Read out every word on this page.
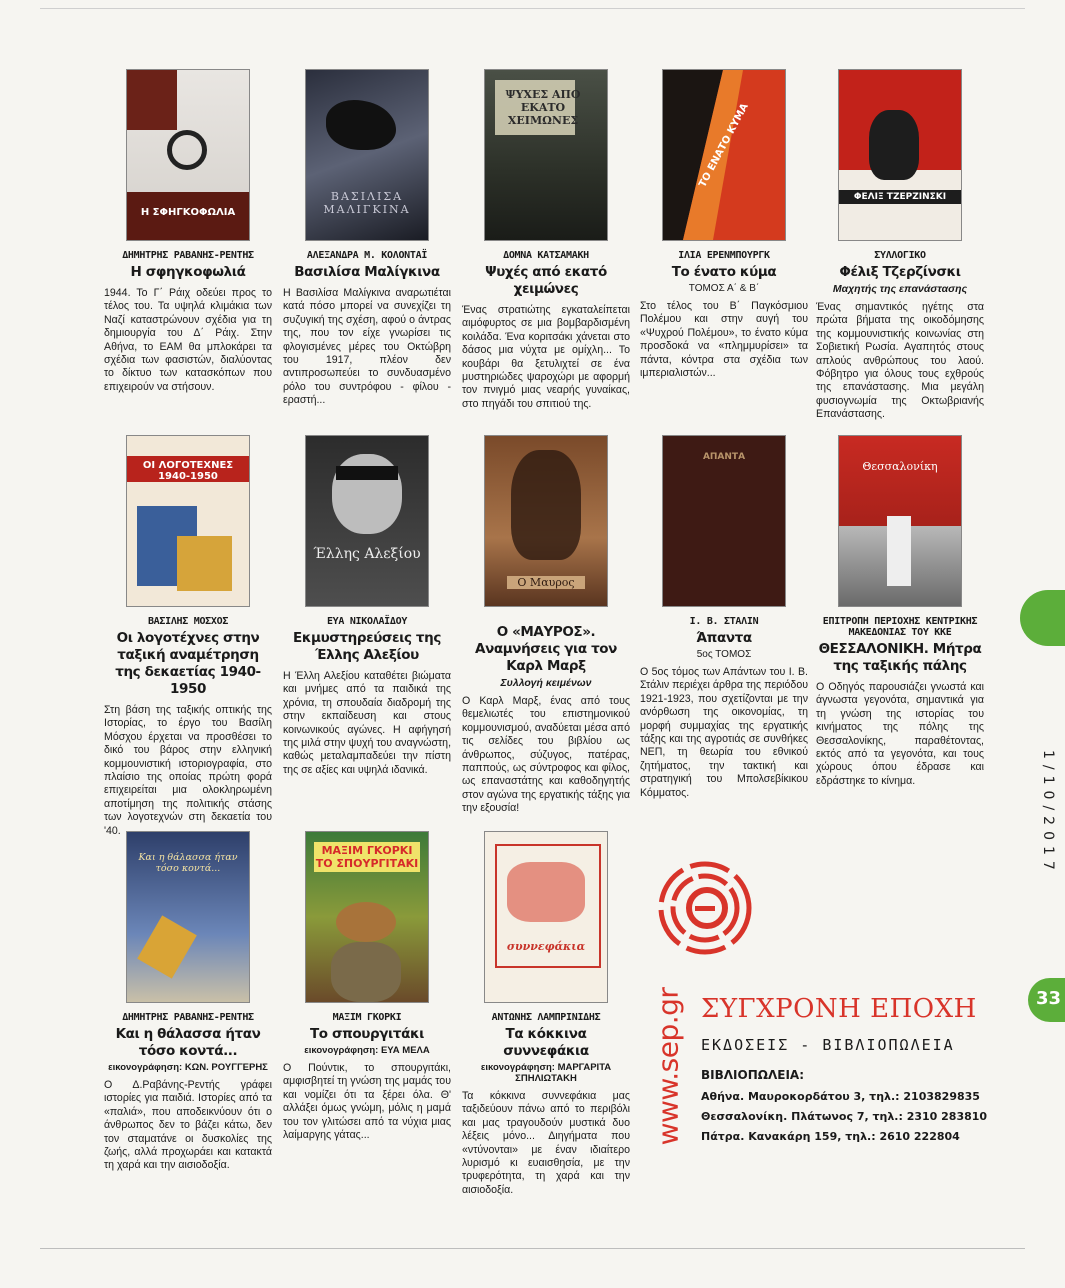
Η ΣΦΗΓΚΟΦΩΛΙΑ
ΔΗΜΗΤΡΗΣ ΡΑΒΑΝΗΣ-ΡΕΝΤΗΣ
Η σφηγκοφωλιά
1944. Το Γ΄ Ράιχ οδεύει προς το τέλος του. Τα υψηλά κλιμάκια των Ναζί καταστρώνουν σχέδια για τη δημιουργία του Δ΄ Ράιχ. Στην Αθήνα, το ΕΑΜ θα μπλοκάρει τα σχέδια των φασιστών, διαλύοντας το δίκτυο των κατασκόπων που επιχειρούν να στήσουν.
ΒΑΣΙΛΙΣΑ ΜΑΛΙΓΚΙΝΑ
ΑΛΕΞΑΝΔΡΑ Μ. ΚΟΛΟΝΤΑΪ
Βασιλίσα Μαλίγκινα
Η Βασιλίσα Μαλίγκινα αναρωτιέται κατά πόσο μπορεί να συνεχίζει τη συζυγική της σχέση, αφού ο άντρας της, που τον είχε γνωρίσει τις φλογισμένες μέρες του Οκτώβρη του 1917, πλέον δεν αντιπροσωπεύει το συνδυασμένο ρόλο του συντρόφου - φίλου - εραστή...
ΨΥΧΕΣ ΑΠΟ ΕΚΑΤΟ ΧΕΙΜΩΝΕΣ
ΔΟΜΝΑ ΚΑΤΣΑΜΑΚΗ
Ψυχές από εκατό χειμώνες
Ένας στρατιώτης εγκαταλείπεται αιμόφυρτος σε μια βομβαρδισμένη κοιλάδα. Ένα κοριτσάκι χάνεται στο δάσος μια νύχτα με ομίχλη... Το κουβάρι θα ξετυλιχτεί σε ένα μυστηριώδες ψαροχώρι με αφορμή τον πνιγμό μιας νεαρής γυναίκας, στο πηγάδι του σπιτιού της.
ΤΟ ΕΝΑΤΟ ΚΥΜΑ
ΙΛΙΑ ΕΡΕΝΜΠΟΥΡΓΚ
Το ένατο κύμα
ΤΟΜΟΣ Α΄ & Β΄
Στο τέλος του Β΄ Παγκόσμιου Πολέμου και στην αυγή του «Ψυχρού Πολέμου», το ένατο κύμα προσδοκά να «πλημμυρίσει» τα πάντα, κόντρα στα σχέδια των ιμπεριαλιστών...
ΦΕΛΙΞ ΤΖΕΡΖΙΝΣΚΙ
ΣΥΛΛΟΓΙΚΟ
Φέλιξ Τζερζίνσκι
Μαχητής της επανάστασης
Ένας σημαντικός ηγέτης στα πρώτα βήματα της οικοδόμησης της κομμουνιστικής κοινωνίας στη Σοβιετική Ρωσία. Αγαπητός στους απλούς ανθρώπους του λαού. Φόβητρο για όλους τους εχθρούς της επανάστασης. Μια μεγάλη φυσιογνωμία της Οκτωβριανής Επανάστασης.
ΟΙ ΛΟΓΟΤΕΧΝΕΣ 1940-1950
ΒΑΣΙΛΗΣ ΜΟΣΧΟΣ
Οι λογοτέχνες στην ταξική αναμέτρηση της δεκαετίας 1940-1950
Στη βάση της ταξικής οπτικής της Ιστορίας, το έργο του Βασίλη Μόσχου έρχεται να προσθέσει το δικό του βάρος στην ελληνική κομμουνιστική ιστοριογραφία, στο πλαίσιο της οποίας πρώτη φορά επιχειρείται μια ολοκληρωμένη αποτίμηση της πολιτικής στάσης των λογοτεχνών στη δεκαετία του '40.
Έλλης Αλεξίου
ΕΥΑ ΝΙΚΟΛΑΪΔΟΥ
Εκμυστηρεύσεις της Έλλης Αλεξίου
Η Έλλη Αλεξίου καταθέτει βιώματα και μνήμες από τα παιδικά της χρόνια, τη σπουδαία διαδρομή της στην εκπαίδευση και στους κοινωνικούς αγώνες. Η αφήγησή της μιλά στην ψυχή του αναγνώστη, καθώς μεταλαμπαδεύει την πίστη της σε αξίες και υψηλά ιδανικά.
Ο Μαυρος
Ο «ΜΑΥΡΟΣ». Αναμνήσεις για τον Καρλ Μαρξ
Συλλογή κειμένων
Ο Καρλ Μαρξ, ένας από τους θεμελιωτές του επιστημονικού κομμουνισμού, αναδύεται μέσα από τις σελίδες του βιβλίου ως άνθρωπος, σύζυγος, πατέρας, παππούς, ως σύντροφος και φίλος, ως επαναστάτης και καθοδηγητής στον αγώνα της εργατικής τάξης για την εξουσία!
ΑΠΑΝΤΑ
Ι. Β. ΣΤΑΛΙΝ
Άπαντα
5ος ΤΟΜΟΣ
Ο 5ος τόμος των Απάντων του Ι. Β. Στάλιν περιέχει άρθρα της περιόδου 1921-1923, που σχετίζονται με την ανόρθωση της οικονομίας, τη μορφή συμμαχίας της εργατικής τάξης και της αγροτιάς σε συνθήκες ΝΕΠ, τη θεωρία του εθνικού ζητήματος, την τακτική και στρατηγική του Μπολσεβίκικου Κόμματος.
Θεσσαλονίκη
ΕΠΙΤΡΟΠΗ ΠΕΡΙΟΧΗΣ ΚΕΝΤΡΙΚΗΣ ΜΑΚΕΔΟΝΙΑΣ ΤΟΥ ΚΚΕ
ΘΕΣΣΑΛΟΝΙΚΗ. Μήτρα της ταξικής πάλης
Ο Οδηγός παρουσιάζει γνωστά και άγνωστα γεγονότα, σημαντικά για τη γνώση της ιστορίας του κινήματος της πόλης της Θεσσαλονίκης, παραθέτοντας, εκτός από τα γεγονότα, και τους χώρους όπου έδρασε και εδράστηκε το κίνημα.
Και η θάλασσα ήταν τόσο κοντά...
ΔΗΜΗΤΡΗΣ ΡΑΒΑΝΗΣ-ΡΕΝΤΗΣ
Και η θάλασσα ήταν τόσο κοντά...
εικονογράφηση: ΚΩΝ. ΡΟΥΓΓΕΡΗΣ
Ο Δ.Ραβάνης-Ρεντής γράφει ιστορίες για παιδιά. Ιστορίες από τα «παλιά», που αποδεικνύουν ότι ο άνθρωπος δεν το βάζει κάτω, δεν τον σταματάνε οι δυσκολίες της ζωής, αλλά προχωράει και κατακτά τη χαρά και την αισιοδοξία.
ΜΑΞΙΜ ΓΚΟΡΚΙ ΤΟ ΣΠΟΥΡΓΙΤΑΚΙ
ΜΑΞΙΜ ΓΚΟΡΚΙ
Το σπουργιτάκι
εικονογράφηση: ΕΥΑ ΜΕΛΑ
Ο Πούντικ, το σπουργιτάκι, αμφισβητεί τη γνώση της μαμάς του και νομίζει ότι τα ξέρει όλα. Θ' αλλάξει όμως γνώμη, μόλις η μαμά του τον γλιτώσει από τα νύχια μιας λαίμαργης γάτας...
συννεφάκια
ΑΝΤΩΝΗΣ ΛΑΜΠΡΙΝΙΔΗΣ
Τα κόκκινα συννεφάκια
εικονογράφηση: ΜΑΡΓΑΡΙΤΑ ΣΠΗΛΙΩΤΑΚΗ
Τα κόκκινα συννεφάκια μας ταξιδεύουν πάνω από το περιβόλι και μας τραγουδούν μυστικά δυο λέξεις μόνο... Διηγήματα που «ντύνονται» με έναν ιδιαίτερο λυρισμό κι ευαισθησία, με την τρυφερότητα, τη χαρά και την αισιοδοξία.
www.sep.gr ΣΥΓΧΡΟΝΗ ΕΠΟΧΗ
ΕΚΔΟΣΕΙΣ - ΒΙΒΛΙΟΠΩΛΕΙΑ
ΒΙΒΛΙΟΠΩΛΕΙΑ:
Αθήνα. Μαυροκορδάτου 3, τηλ.: 2103829835
Θεσσαλονίκη. Πλάτωνος 7, τηλ.: 2310 283810
Πάτρα. Κανακάρη 159, τηλ.: 2610 222804
1/10/2017
33
